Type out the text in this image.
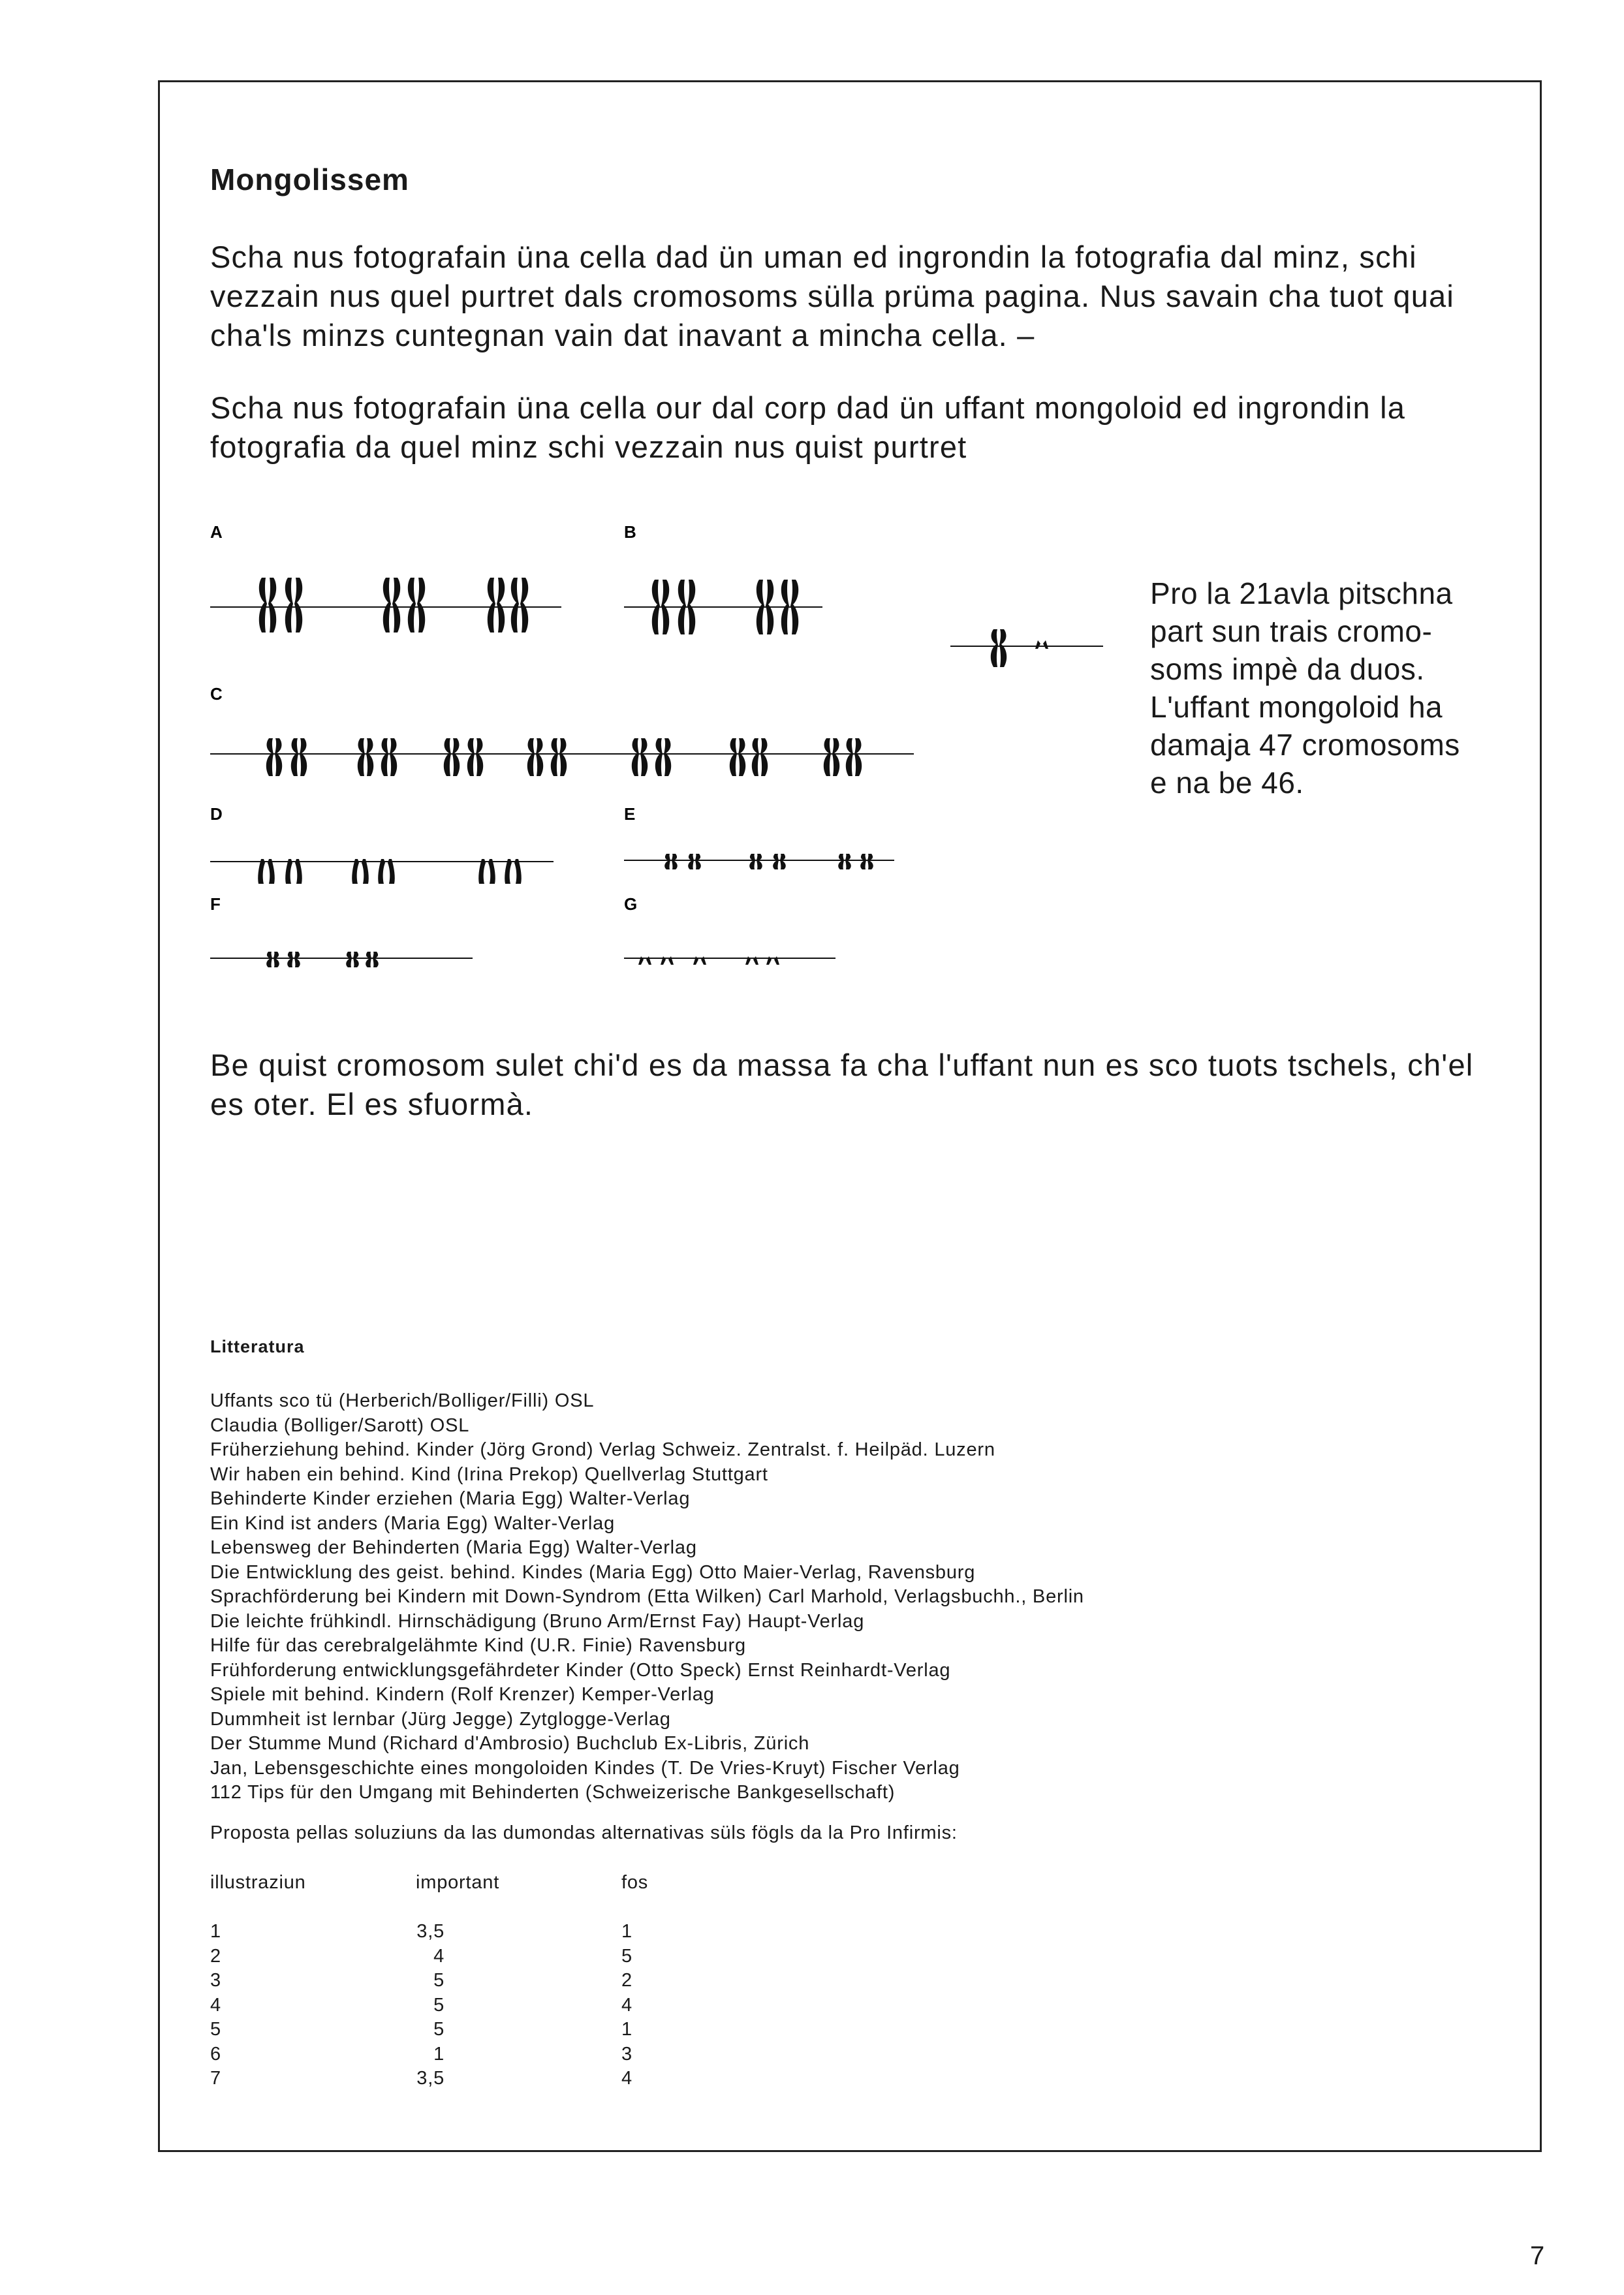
Mongolissem
Scha nus fotografain üna cella dad ün uman ed ingrondin la fotografia dal minz, schi vezzain nus quel purtret dals cromosoms süllа prüma pagina. Nus savain cha tuot quai cha'ls minzs cuntegnan vain dat inavant a mincha cella. –
Scha nus fotografain üna cella our dal corp dad ün uffant mongoloid ed ingrondin la fotografia da quel minz schi vezzain nus quist purtret
A	B
C
D	E
F	G
Pro la 21avla pitschna
part sun trais cromo-
soms impè da duos.
L'uffant mongoloid ha
damaja 47 cromosoms
e na be 46.
Be quist cromosom sulet chi'd es da massa fa cha l'uffant nun es sco tuots tschels, ch'el es oter. El es sfuormà.
Litteratura
Uffants sco tü (Herberich/Bolliger/Filli) OSL
Claudia (Bolliger/Sarott) OSL
Früherziehung behind. Kinder (Jörg Grond) Verlag Schweiz. Zentralst. f. Heilpäd. Luzern
Wir haben ein behind. Kind (Irina Prekop) Quellverlag Stuttgart
Behinderte Kinder erziehen (Maria Egg) Walter-Verlag
Ein Kind ist anders (Maria Egg) Walter-Verlag
Lebensweg der Behinderten (Maria Egg) Walter-Verlag
Die Entwicklung des geist. behind. Kindes (Maria Egg) Otto Maier-Verlag, Ravensburg
Sprachförderung bei Kindern mit Down-Syndrom (Etta Wilken) Carl Marhold, Verlagsbuchh., Berlin
Die leichte frühkindl. Hirnschädigung (Bruno Arm/Ernst Fay) Haupt-Verlag
Hilfe für das cerebralgelähmte Kind (U.R. Finie) Ravensburg
Frühforderung entwicklungsgefährdeter Kinder (Otto Speck) Ernst Reinhardt-Verlag
Spiele mit behind. Kindern (Rolf Krenzer) Kemper-Verlag
Dummheit ist lernbar (Jürg Jegge) Zytglogge-Verlag
Der Stumme Mund (Richard d'Ambrosio) Buchclub Ex-Libris, Zürich
Jan, Lebensgeschichte eines mongoloiden Kindes (T. De Vries-Kruyt) Fischer Verlag
112 Tips für den Umgang mit Behinderten (Schweizerische Bankgesellschaft)
Proposta pellas soluziuns da las dumondas alternativas süls fögls da la Pro Infirmis:
illustraziun	important	fos
1	3,5	1
2	4	5
3	5	2
4	5	4
5	5	1
6	1	3
7	3,5	4
7
